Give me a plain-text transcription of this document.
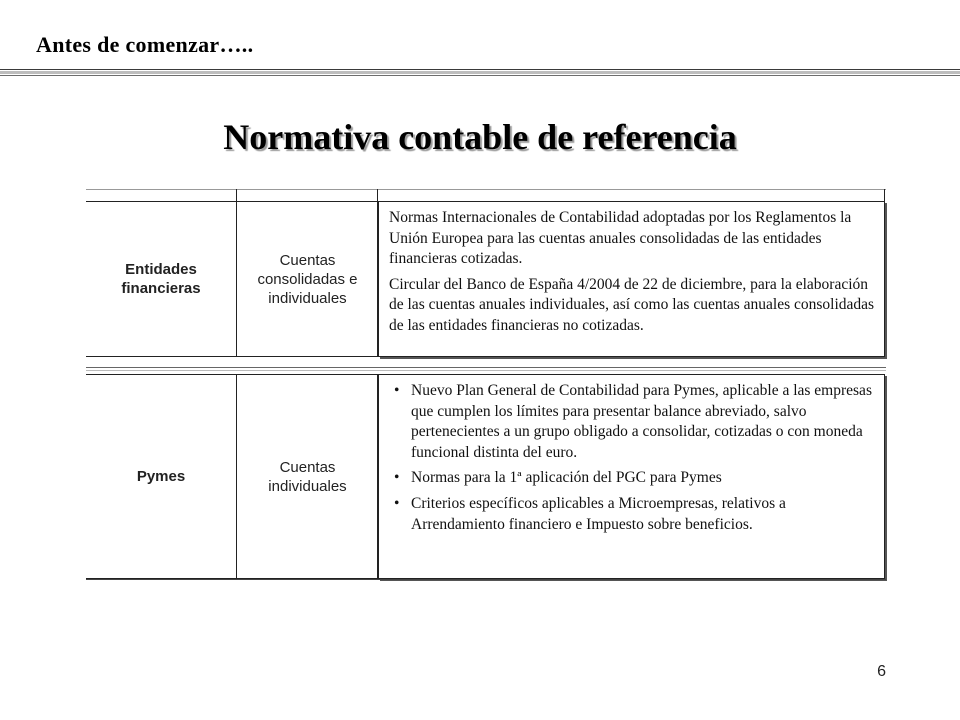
Antes de comenzar…..
Normativa contable de referencia
Entidades financieras
Cuentas consolidadas e individuales

Normas Internacionales de Contabilidad adoptadas por los Reglamentos la Unión Europea para las cuentas anuales consolidadas de las entidades financieras cotizadas.

Circular del Banco de España 4/2004 de 22 de diciembre, para la elaboración de las cuentas anuales individuales, así como las cuentas anuales consolidadas de las entidades financieras no cotizadas.

Pymes
Cuentas individuales
• Nuevo Plan General de Contabilidad para Pymes, aplicable a las empresas que cumplen los límites para presentar balance abreviado, salvo pertenecientes a un grupo obligado a consolidar, cotizadas o con moneda funcional distinta del euro.
• Normas para la 1ª aplicación del PGC para Pymes
• Criterios específicos aplicables a Microempresas, relativos a Arrendamiento financiero e Impuesto sobre beneficios.
6
